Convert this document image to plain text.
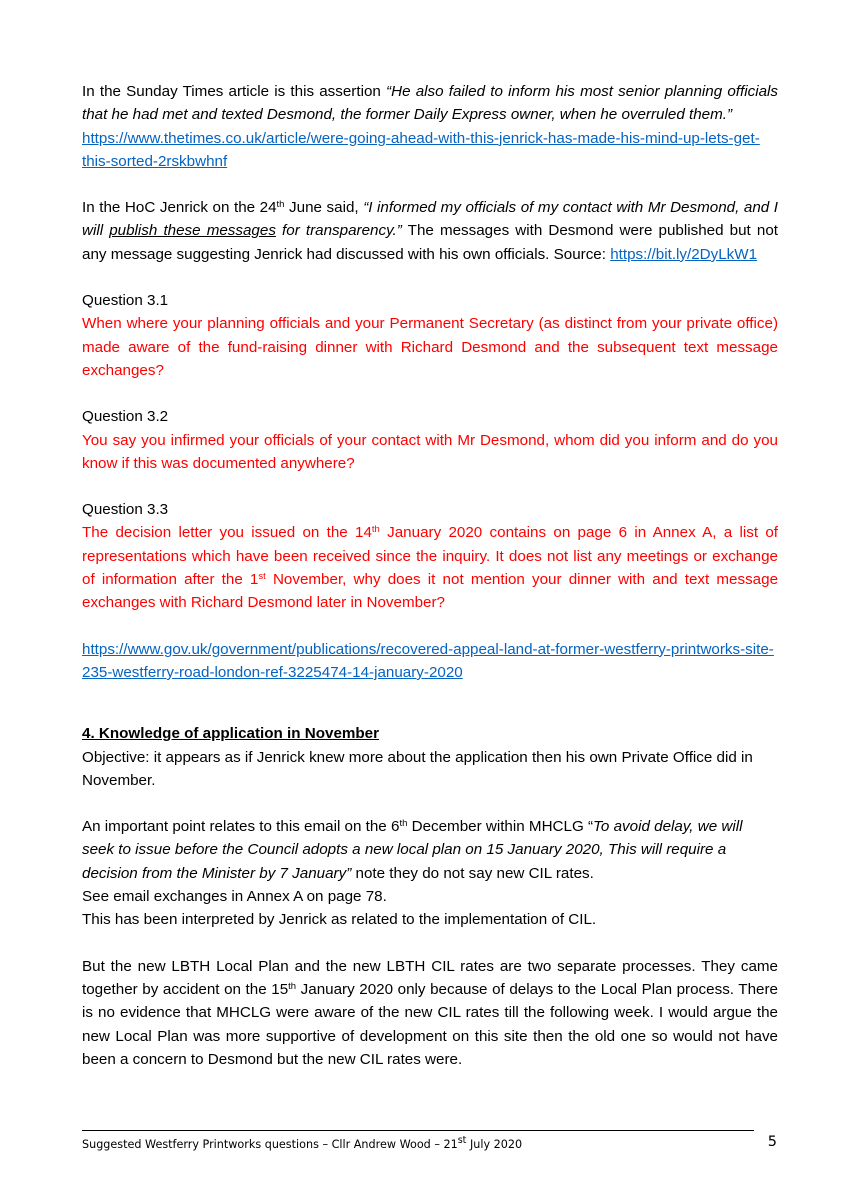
In the Sunday Times article is this assertion “He also failed to inform his most senior planning officials that he had met and texted Desmond, the former Daily Express owner, when he overruled them.”
https://www.thetimes.co.uk/article/were-going-ahead-with-this-jenrick-has-made-his-mind-up-lets-get-this-sorted-2rskbwhnf

In the HoC Jenrick on the 24th June said, “I informed my officials of my contact with Mr Desmond, and I will publish these messages for transparency.” The messages with Desmond were published but not any message suggesting Jenrick had discussed with his own officials. Source: https://bit.ly/2DyLkW1

Question 3.1

When where your planning officials and your Permanent Secretary (as distinct from your private office) made aware of the fund-raising dinner with Richard Desmond and the subsequent text message exchanges?

Question 3.2

You say you infirmed your officials of your contact with Mr Desmond, whom did you inform and do you know if this was documented anywhere?

Question 3.3

The decision letter you issued on the 14th January 2020 contains on page 6 in Annex A, a list of representations which have been received since the inquiry. It does not list any meetings or exchange of information after the 1st November, why does it not mention your dinner with and text message exchanges with Richard Desmond later in November?

https://www.gov.uk/government/publications/recovered-appeal-land-at-former-westferry-printworks-site-235-westferry-road-london-ref-3225474-14-january-2020

4. Knowledge of application in November

Objective: it appears as if Jenrick knew more about the application then his own Private Office did in November.

An important point relates to this email on the 6th December within MHCLG “To avoid delay, we will seek to issue before the Council adopts a new local plan on 15 January 2020, This will require a decision from the Minister by 7 January” note they do not say new CIL rates.
See email exchanges in Annex A on page 78.
This has been interpreted by Jenrick as related to the implementation of CIL.

But the new LBTH Local Plan and the new LBTH CIL rates are two separate processes. They came together by accident on the 15th January 2020 only because of delays to the Local Plan process. There is no evidence that MHCLG were aware of the new CIL rates till the following week. I would argue the new Local Plan was more supportive of development on this site then the old one so would not have been a concern to Desmond but the new CIL rates were.

Suggested Westferry Printworks questions – Cllr Andrew Wood – 21st July 2020	5
